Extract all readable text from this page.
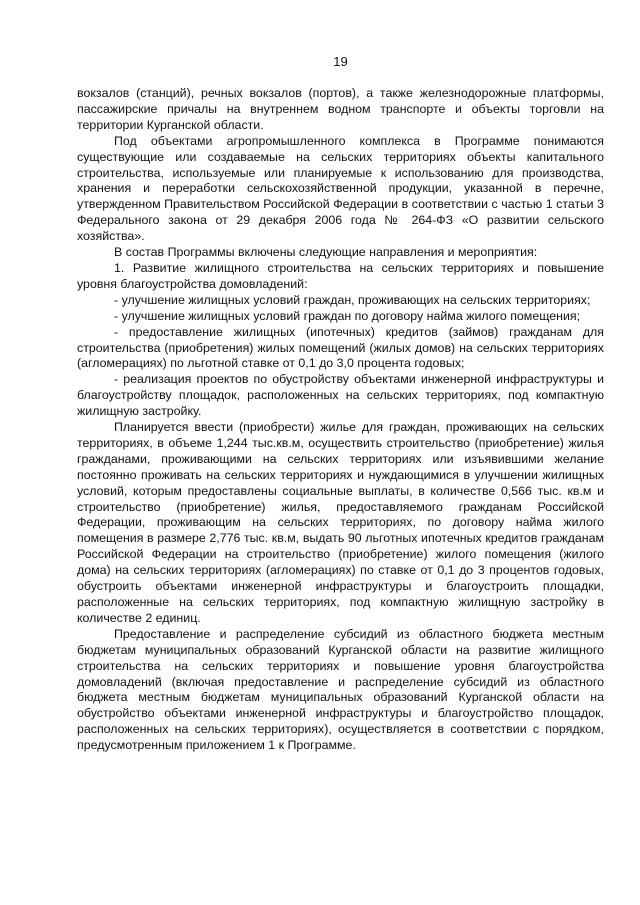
19

вокзалов (станций), речных вокзалов (портов), а также железнодорожные платформы, пассажирские причалы на внутреннем водном транспорте и объекты торговли на территории Курганской области.

Под объектами агропромышленного комплекса в Программе понимаются существующие или создаваемые на сельских территориях объекты капитального строительства, используемые или планируемые к использованию для производства, хранения и переработки сельскохозяйственной продукции, указанной в перечне, утвержденном Правительством Российской Федерации в соответствии с частью 1 статьи 3 Федерального закона от 29 декабря 2006 года № 264-ФЗ «О развитии сельского хозяйства».

В состав Программы включены следующие направления и мероприятия:

1. Развитие жилищного строительства на сельских территориях и повышение уровня благоустройства домовладений:

- улучшение жилищных условий граждан, проживающих на сельских территориях;

- улучшение жилищных условий граждан по договору найма жилого помещения;

- предоставление жилищных (ипотечных) кредитов (займов) гражданам для строительства (приобретения) жилых помещений (жилых домов) на сельских территориях (агломерациях) по льготной ставке от 0,1 до 3,0 процента годовых;

- реализация проектов по обустройству объектами инженерной инфраструктуры и благоустройству площадок, расположенных на сельских территориях, под компактную жилищную застройку.

Планируется ввести (приобрести) жилье для граждан, проживающих на сельских территориях, в объеме 1,244 тыс.кв.м, осуществить строительство (приобретение) жилья гражданами, проживающими на сельских территориях или изъявившими желание постоянно проживать на сельских территориях и нуждающимися в улучшении жилищных условий, которым предоставлены социальные выплаты, в количестве 0,566 тыс. кв.м и строительство (приобретение) жилья, предоставляемого гражданам Российской Федерации, проживающим на сельских территориях, по договору найма жилого помещения в размере 2,776 тыс. кв.м, выдать 90 льготных ипотечных кредитов гражданам Российской Федерации на строительство (приобретение) жилого помещения (жилого дома) на сельских территориях (агломерациях) по ставке от 0,1 до 3 процентов годовых, обустроить объектами инженерной инфраструктуры и благоустроить площадки, расположенные на сельских территориях, под компактную жилищную застройку в количестве 2 единиц.

Предоставление и распределение субсидий из областного бюджета местным бюджетам муниципальных образований Курганской области на развитие жилищного строительства на сельских территориях и повышение уровня благоустройства домовладений (включая предоставление и распределение субсидий из областного бюджета местным бюджетам муниципальных образований Курганской области на обустройство объектами инженерной инфраструктуры и благоустройство площадок, расположенных на сельских территориях), осуществляется в соответствии с порядком, предусмотренным приложением 1 к Программе.
